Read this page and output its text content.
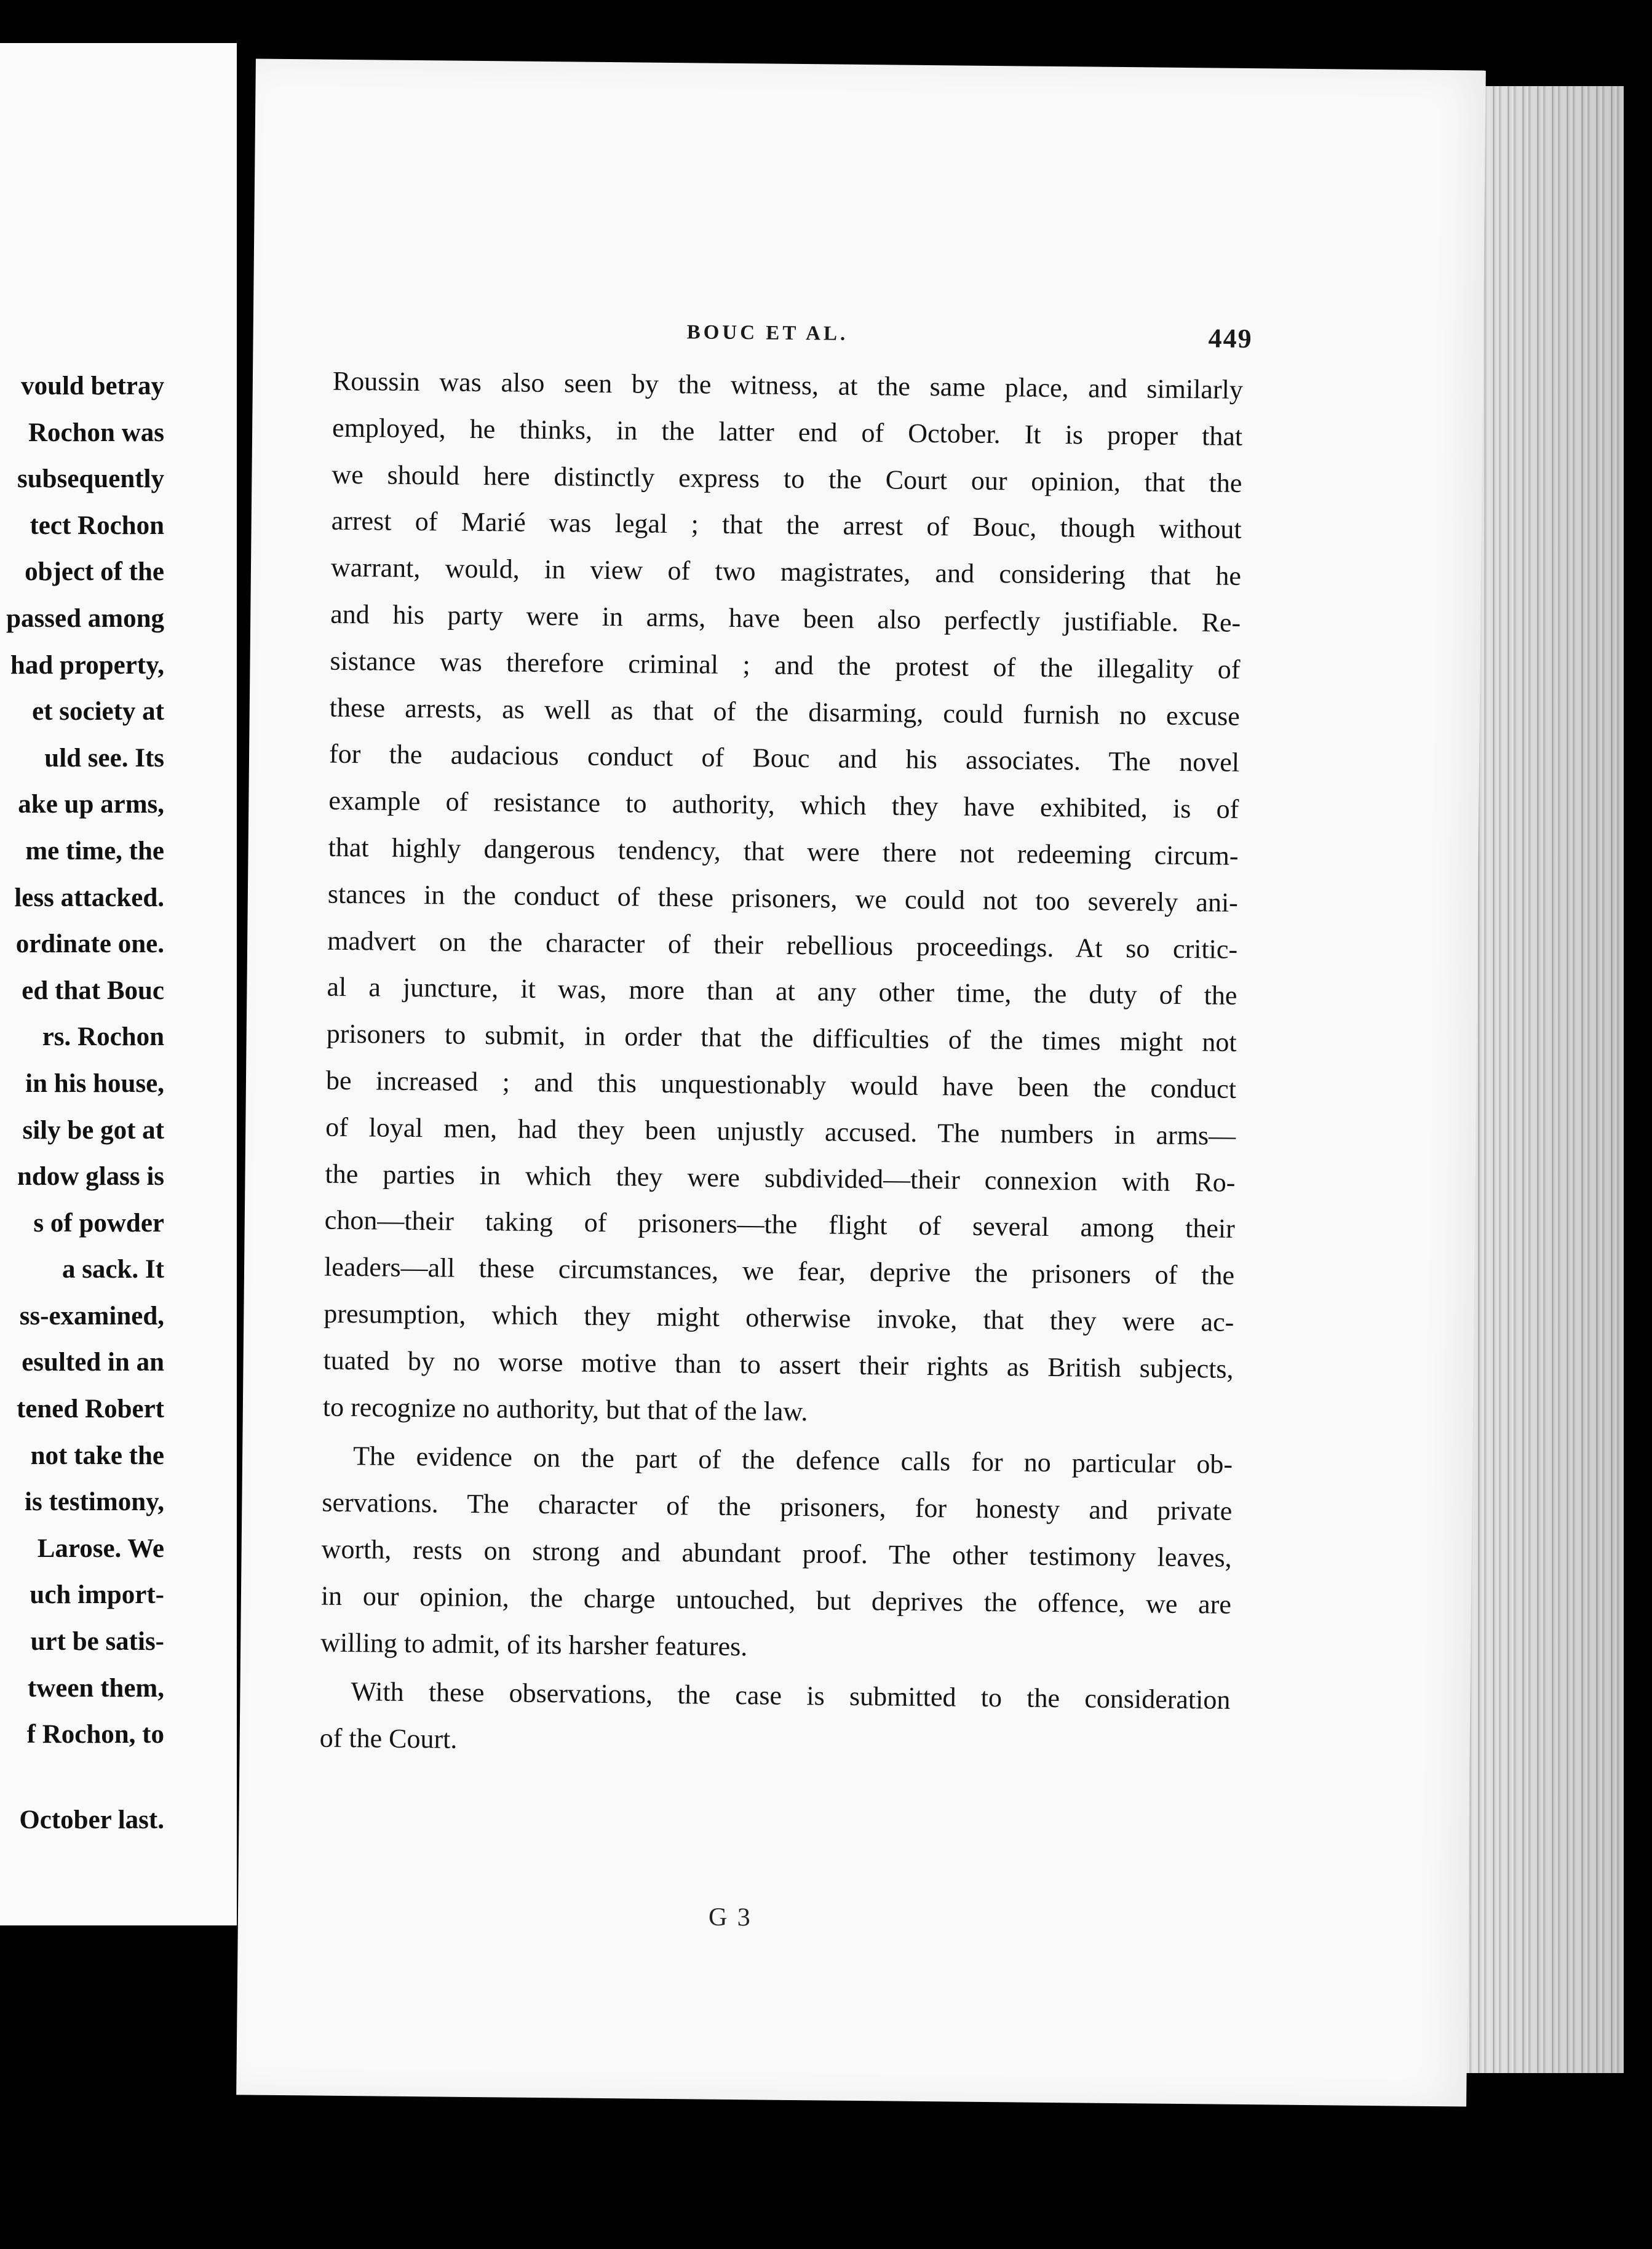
vould betray
Rochon was
subsequently
tect Rochon
object of the
passed among
had property,
et society at
uld see. Its
ake up arms,
me time, the
less attacked.
ordinate one.
ed that Bouc
rs. Rochon
in his house,
sily be got at
ndow glass is
s of powder
a sack. It
ss-examined,
esulted in an
tened Robert
not take the
is testimony,
Larose. We
uch import-
urt be satis-
tween them,
f Rochon, to
October last.
BOUC ET AL.	449
Roussin was also seen by the witness, at the same place, and similarly
employed, he thinks, in the latter end of October. It is proper that
we should here distinctly express to the Court our opinion, that the
arrest of Marié was legal ; that the arrest of Bouc, though without
warrant, would, in view of two magistrates, and considering that he
and his party were in arms, have been also perfectly justifiable. Re-
sistance was therefore criminal ; and the protest of the illegality of
these arrests, as well as that of the disarming, could furnish no excuse
for the audacious conduct of Bouc and his associates. The novel
example of resistance to authority, which they have exhibited, is of
that highly dangerous tendency, that were there not redeeming circum-
stances in the conduct of these prisoners, we could not too severely ani-
madvert on the character of their rebellious proceedings. At so critic-
al a juncture, it was, more than at any other time, the duty of the
prisoners to submit, in order that the difficulties of the times might not
be increased ; and this unquestionably would have been the conduct
of loyal men, had they been unjustly accused. The numbers in arms—
the parties in which they were subdivided—their connexion with Ro-
chon—their taking of prisoners—the flight of several among their
leaders—all these circumstances, we fear, deprive the prisoners of the
presumption, which they might otherwise invoke, that they were ac-
tuated by no worse motive than to assert their rights as British subjects,
to recognize no authority, but that of the law.
The evidence on the part of the defence calls for no particular ob-
servations. The character of the prisoners, for honesty and private
worth, rests on strong and abundant proof. The other testimony leaves,
in our opinion, the charge untouched, but deprives the offence, we are
willing to admit, of its harsher features.
With these observations, the case is submitted to the consideration
of the Court.
G 3
